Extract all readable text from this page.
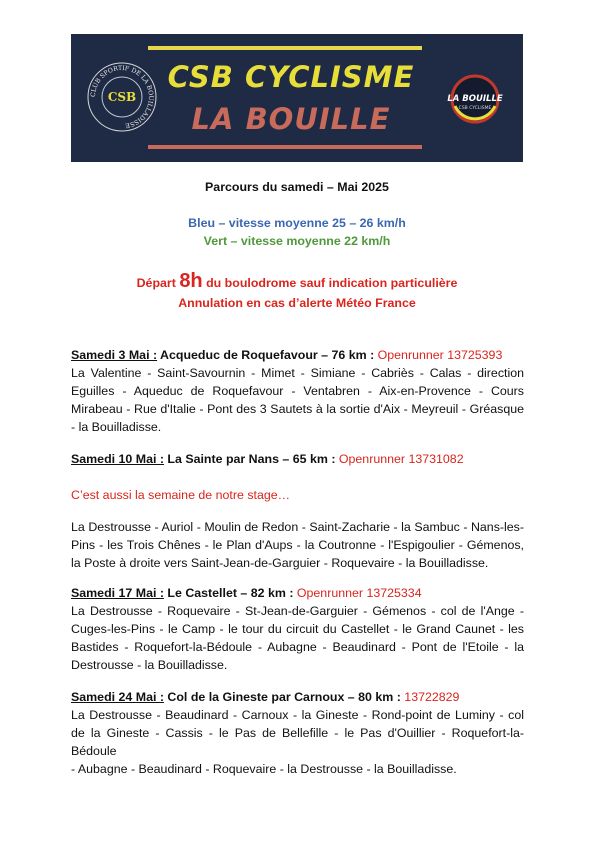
CLUB SPORTIF DE LA BOUILLADISSE
CSB
CSB CYCLISME
LA BOUILLE
LA BOUILLE
CSB CYCLISME
Parcours du samedi – Mai 2025
Bleu – vitesse moyenne 25 – 26 km/h
Vert – vitesse moyenne 22 km/h
Départ 8h du boulodrome sauf indication particulière
Annulation en cas d’alerte Météo France

Samedi 3 Mai : Acqueduc de Roquefavour – 76 km : Openrunner 13725393

La Valentine - Saint-Savournin - Mimet - Simiane - Cabriès - Calas - direction

Eguilles - Aqueduc de Roquefavour - Ventabren - Aix-en-Provence - Cours

Mirabeau - Rue d'Italie - Pont des 3 Sautets à la sortie d'Aix - Meyreuil - Gréasque

- la Bouilladisse.

Samedi 10 Mai : La Sainte par Nans – 65 km : Openrunner 13731082

C’est aussi la semaine de notre stage…

La Destrousse - Auriol - Moulin de Redon - Saint-Zacharie - la Sambuc - Nans-les-

Pins - les Trois Chênes - le Plan d'Aups - la Coutronne - l'Espigoulier - Gémenos,

la Poste à droite vers Saint-Jean-de-Garguier - Roquevaire - la Bouilladisse.

Samedi 17 Mai : Le Castellet – 82 km : Openrunner 13725334

La Destrousse - Roquevaire - St-Jean-de-Garguier - Gémenos - col de l'Ange -

Cuges-les-Pins - le Camp - le tour du circuit du Castellet - le Grand Caunet - les

Bastides - Roquefort-la-Bédoule - Aubagne - Beaudinard - Pont de l'Etoile - la

Destrousse - la Bouilladisse.

Samedi 24 Mai : Col de la Gineste par Carnoux – 80 km : 13722829

La Destrousse - Beaudinard - Carnoux - la Gineste - Rond-point de Luminy - col

de la Gineste - Cassis - le Pas de Bellefille - le Pas d'Ouillier - Roquefort-la-Bédoule

- Aubagne - Beaudinard - Roquevaire - la Destrousse - la Bouilladisse.
